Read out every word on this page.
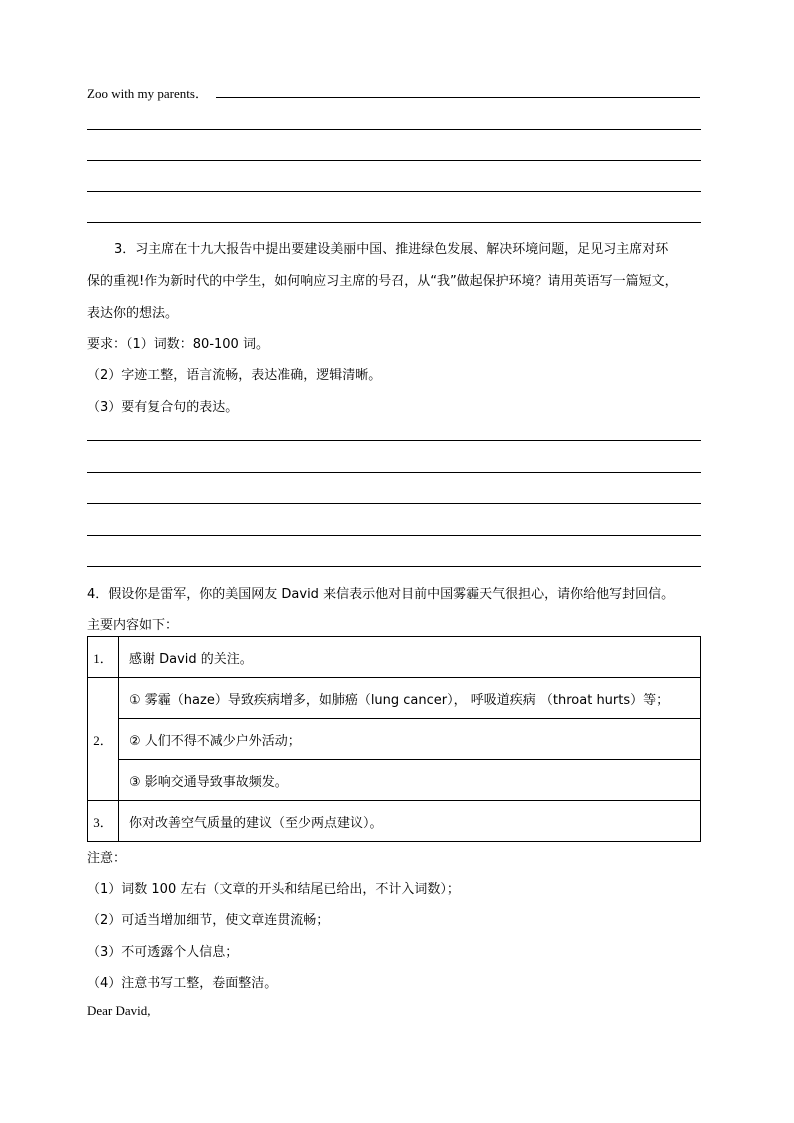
Zoo with my parents．
3．习主席在十九大报告中提出要建设美丽中国、推进绿色发展、解决环境问题，足见习主席对环
保的重视!作为新时代的中学生，如何响应习主席的号召，从“我”做起保护环境？请用英语写一篇短文，
表达你的想法。
要求：（1）词数：80-100 词。
（2）字迹工整，语言流畅，表达准确，逻辑清晰。
（3）要有复合句的表达。
4．假设你是雷军，你的美国网友 David 来信表示他对目前中国雾霾天气很担心，请你给他写封回信。
主要内容如下：
1．	感谢 David 的关注。
2．	① 雾霾（haze）导致疾病增多，如肺癌（lung cancer）， 呼吸道疾病 （throat hurts）等；
	② 人们不得不减少户外活动；
	③ 影响交通导致事故频发。
3．	你对改善空气质量的建议（至少两点建议）。
注意：
（1）词数 100 左右（文章的开头和结尾已给出，不计入词数）；
（2）可适当增加细节，使文章连贯流畅；
（3）不可透露个人信息；
（4）注意书写工整，卷面整洁。
Dear David,
